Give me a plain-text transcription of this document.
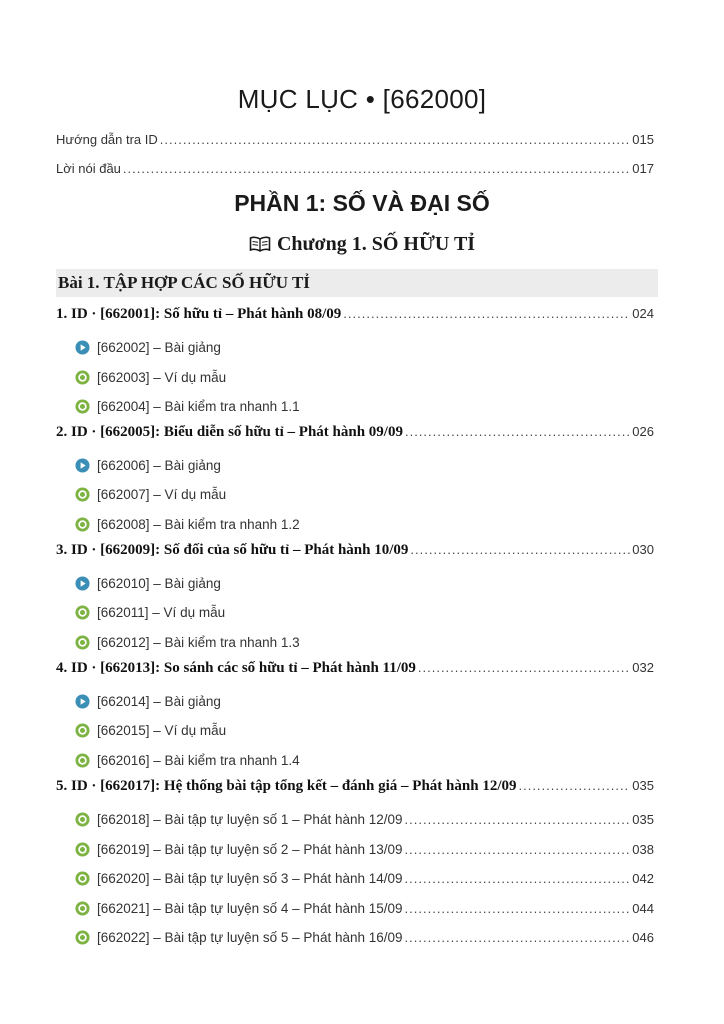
MỤC LỤC • [662000]
Hướng dẫn tra ID .....	015
Lời nói đầu .....	017
PHẦN 1: SỐ VÀ ĐẠI SỐ
Chương 1. SỐ HỮU TỈ
Bài 1. TẬP HỢP CÁC SỐ HỮU TỈ
1. ID · [662001]: Số hữu tỉ – Phát hành 08/09 .....	024
[662002] – Bài giảng
[662003] – Ví dụ mẫu
[662004] – Bài kiểm tra nhanh 1.1
2. ID · [662005]: Biểu diễn số hữu tỉ – Phát hành 09/09 .....	026
[662006] – Bài giảng
[662007] – Ví dụ mẫu
[662008] – Bài kiểm tra nhanh 1.2
3. ID · [662009]: Số đối của số hữu tỉ – Phát hành 10/09 .....	030
[662010] – Bài giảng
[662011] – Ví dụ mẫu
[662012] – Bài kiểm tra nhanh 1.3
4. ID · [662013]: So sánh các số hữu tỉ – Phát hành 11/09 .....	032
[662014] – Bài giảng
[662015] – Ví dụ mẫu
[662016] – Bài kiểm tra nhanh 1.4
5. ID · [662017]: Hệ thống bài tập tổng kết – đánh giá – Phát hành 12/09 .....	035
[662018] – Bài tập tự luyện số 1 – Phát hành 12/09 .....	035
[662019] – Bài tập tự luyện số 2 – Phát hành 13/09 .....	038
[662020] – Bài tập tự luyện số 3 – Phát hành 14/09 .....	042
[662021] – Bài tập tự luyện số 4 – Phát hành 15/09 .....	044
[662022] – Bài tập tự luyện số 5 – Phát hành 16/09 .....	046
